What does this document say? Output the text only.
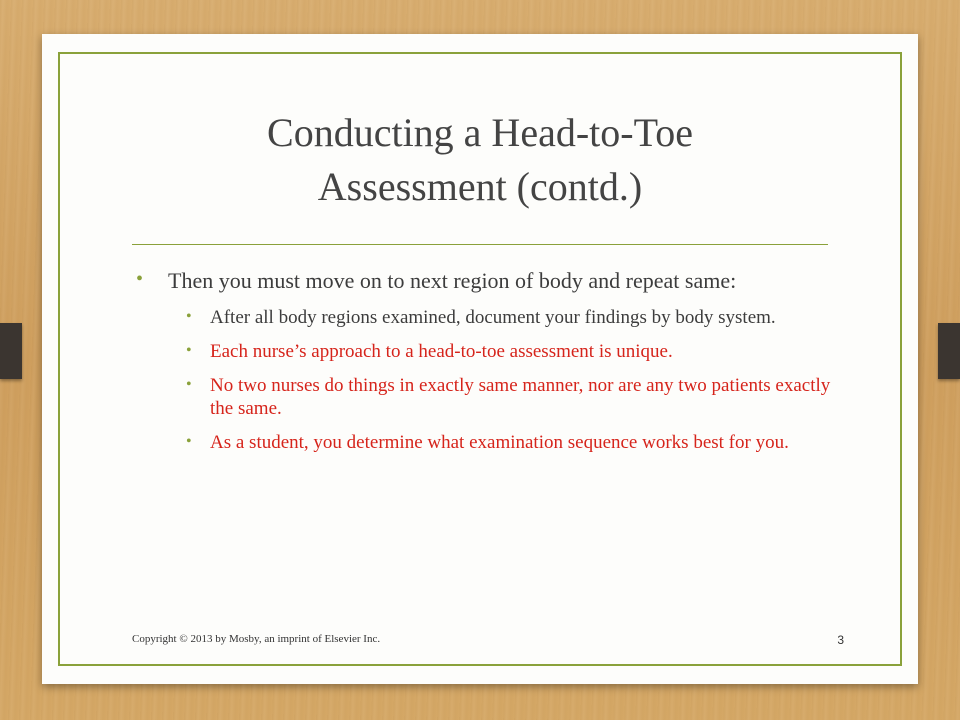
Conducting a Head-to-Toe
Assessment (contd.)
• Then you must move on to next region of body and repeat same:
• After all body regions examined, document your findings by body system.
• Each nurse’s approach to a head-to-toe assessment is unique.
• No two nurses do things in exactly same manner, nor are any two patients exactly the same.
• As a student, you determine what examination sequence works best for you.
Copyright © 2013 by Mosby, an imprint of Elsevier Inc.	3
